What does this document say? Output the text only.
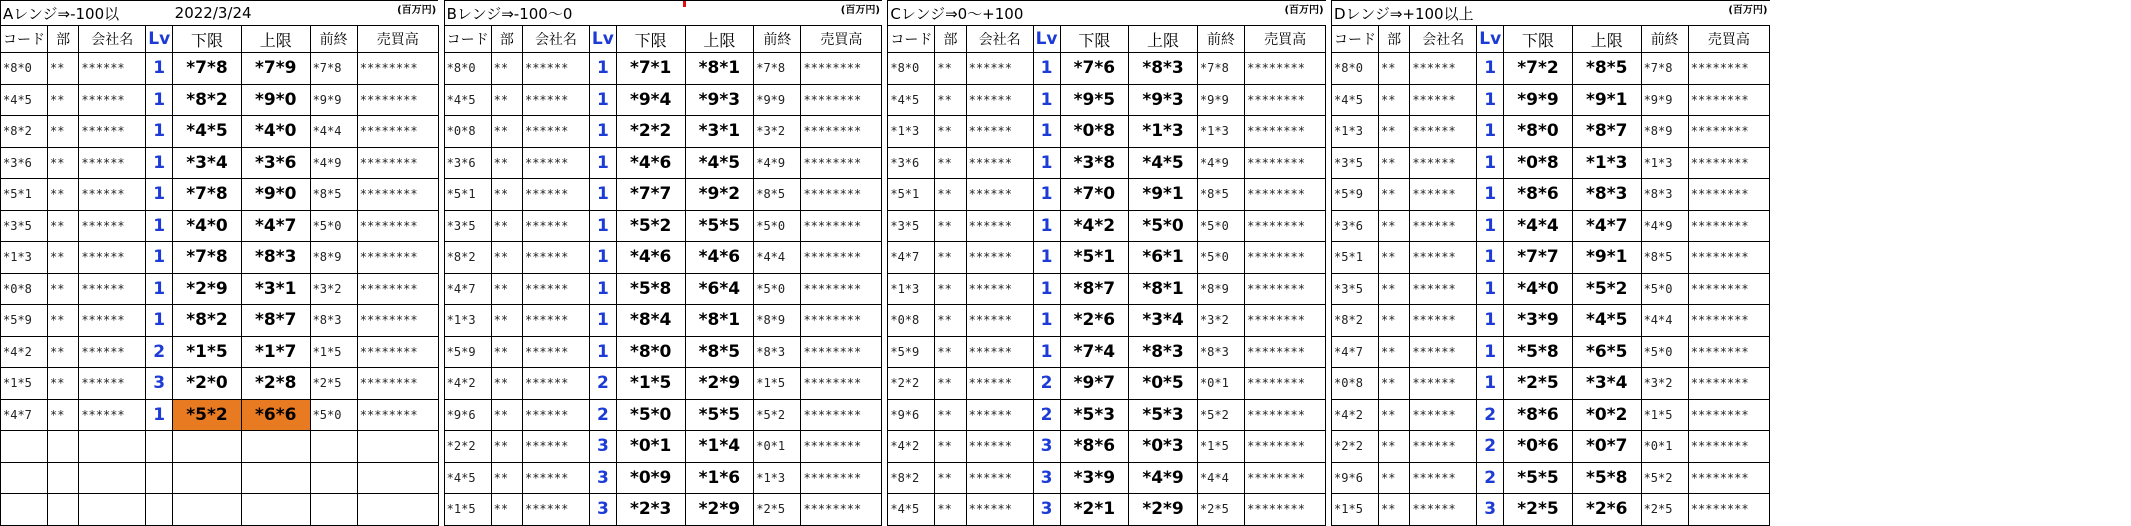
Aレンジ⇒-100以				2022/3/24		(百万円)			Bレンジ⇒-100～0						(百万円)			Cレンジ⇒0～+100						(百万円)			Dレンジ⇒+100以上						(百万円)	
コード	部	会社名	Lv	下限	上限	前終	売買高		コード	部	会社名	Lv	下限	上限	前終	売買高		コード	部	会社名	Lv	下限	上限	前終	売買高		コード	部	会社名	Lv	下限	上限	前終	売買高
*8*0	**	******	1	*7*8	*7*9	*7*8	********		*8*0	**	******	1	*7*1	*8*1	*7*8	********		*8*0	**	******	1	*7*6	*8*3	*7*8	********		*8*0	**	******	1	*7*2	*8*5	*7*8	********
*4*5	**	******	1	*8*2	*9*0	*9*9	********		*4*5	**	******	1	*9*4	*9*3	*9*9	********		*4*5	**	******	1	*9*5	*9*3	*9*9	********		*4*5	**	******	1	*9*9	*9*1	*9*9	********
*8*2	**	******	1	*4*5	*4*0	*4*4	********		*0*8	**	******	1	*2*2	*3*1	*3*2	********		*1*3	**	******	1	*0*8	*1*3	*1*3	********		*1*3	**	******	1	*8*0	*8*7	*8*9	********
*3*6	**	******	1	*3*4	*3*6	*4*9	********		*3*6	**	******	1	*4*6	*4*5	*4*9	********		*3*6	**	******	1	*3*8	*4*5	*4*9	********		*3*5	**	******	1	*0*8	*1*3	*1*3	********
*5*1	**	******	1	*7*8	*9*0	*8*5	********		*5*1	**	******	1	*7*7	*9*2	*8*5	********		*5*1	**	******	1	*7*0	*9*1	*8*5	********		*5*9	**	******	1	*8*6	*8*3	*8*3	********
*3*5	**	******	1	*4*0	*4*7	*5*0	********		*3*5	**	******	1	*5*2	*5*5	*5*0	********		*3*5	**	******	1	*4*2	*5*0	*5*0	********		*3*6	**	******	1	*4*4	*4*7	*4*9	********
*1*3	**	******	1	*7*8	*8*3	*8*9	********		*8*2	**	******	1	*4*6	*4*6	*4*4	********		*4*7	**	******	1	*5*1	*6*1	*5*0	********		*5*1	**	******	1	*7*7	*9*1	*8*5	********
*0*8	**	******	1	*2*9	*3*1	*3*2	********		*4*7	**	******	1	*5*8	*6*4	*5*0	********		*1*3	**	******	1	*8*7	*8*1	*8*9	********		*3*5	**	******	1	*4*0	*5*2	*5*0	********
*5*9	**	******	1	*8*2	*8*7	*8*3	********		*1*3	**	******	1	*8*4	*8*1	*8*9	********		*0*8	**	******	1	*2*6	*3*4	*3*2	********		*8*2	**	******	1	*3*9	*4*5	*4*4	********
*4*2	**	******	2	*1*5	*1*7	*1*5	********		*5*9	**	******	1	*8*0	*8*5	*8*3	********		*5*9	**	******	1	*7*4	*8*3	*8*3	********		*4*7	**	******	1	*5*8	*6*5	*5*0	********
*1*5	**	******	3	*2*0	*2*8	*2*5	********		*4*2	**	******	2	*1*5	*2*9	*1*5	********		*2*2	**	******	2	*9*7	*0*5	*0*1	********		*0*8	**	******	1	*2*5	*3*4	*3*2	********
*4*7	**	******	1	*5*2	*6*6	*5*0	********		*9*6	**	******	2	*5*0	*5*5	*5*2	********		*9*6	**	******	2	*5*3	*5*3	*5*2	********		*4*2	**	******	2	*8*6	*0*2	*1*5	********
									*2*2	**	******	3	*0*1	*1*4	*0*1	********		*4*2	**	******	3	*8*6	*0*3	*1*5	********		*2*2	**	******	2	*0*6	*0*7	*0*1	********
									*4*5	**	******	3	*0*9	*1*6	*1*3	********		*8*2	**	******	3	*3*9	*4*9	*4*4	********		*9*6	**	******	2	*5*5	*5*8	*5*2	********
									*1*5	**	******	3	*2*3	*2*9	*2*5	********		*4*5	**	******	3	*2*1	*2*9	*2*5	********		*1*5	**	******	3	*2*5	*2*6	*2*5	********
